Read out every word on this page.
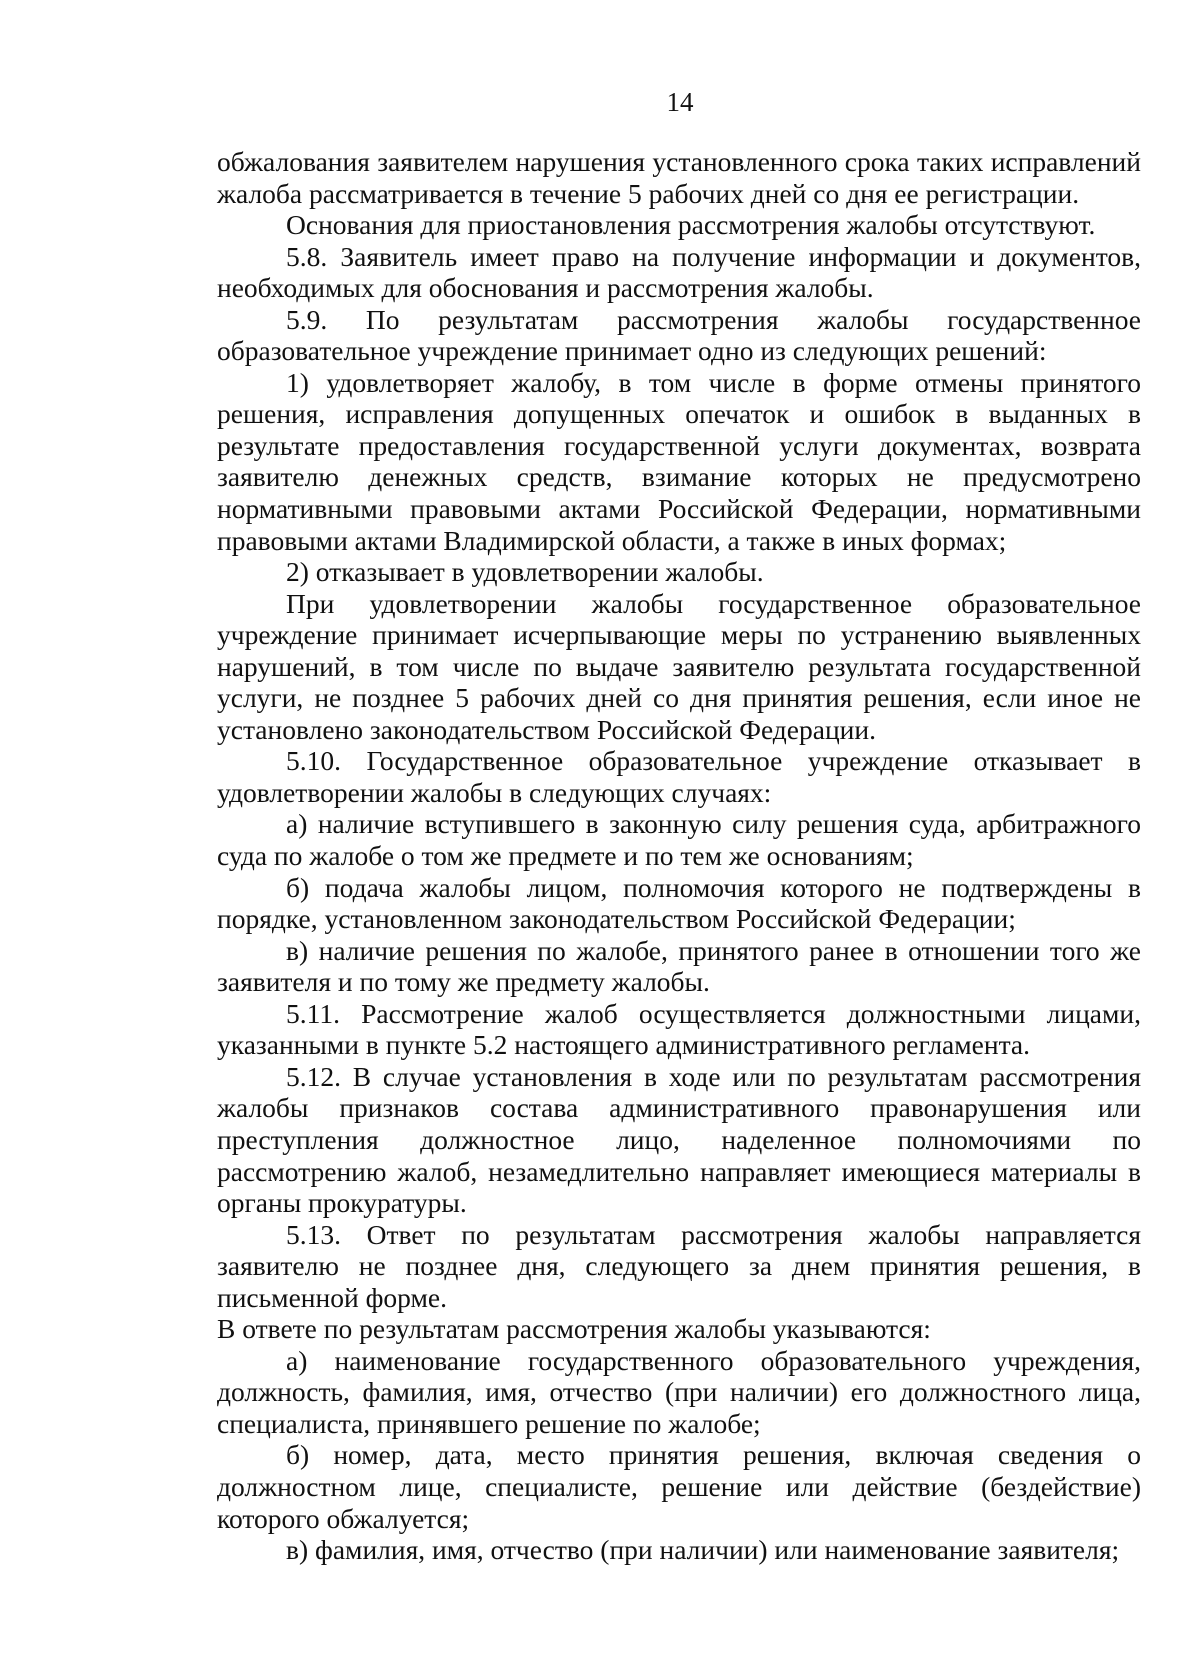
14

обжалования заявителем нарушения установленного срока таких исправлений жалоба рассматривается в течение 5 рабочих дней со дня ее регистрации.

Основания для приостановления рассмотрения жалобы отсутствуют.

5.8. Заявитель имеет право на получение информации и документов, необходимых для обоснования и рассмотрения жалобы.

5.9. По результатам рассмотрения жалобы государственное образовательное учреждение принимает одно из следующих решений:

1) удовлетворяет жалобу, в том числе в форме отмены принятого решения, исправления допущенных опечаток и ошибок в выданных в результате предоставления государственной услуги документах, возврата заявителю денежных средств, взимание которых не предусмотрено нормативными правовыми актами Российской Федерации, нормативными правовыми актами Владимирской области, а также в иных формах;

2) отказывает в удовлетворении жалобы.

При удовлетворении жалобы государственное образовательное учреждение принимает исчерпывающие меры по устранению выявленных нарушений, в том числе по выдаче заявителю результата государственной услуги, не позднее 5 рабочих дней со дня принятия решения, если иное не установлено законодательством Российской Федерации.

5.10. Государственное образовательное учреждение отказывает в удовлетворении жалобы в следующих случаях:

а) наличие вступившего в законную силу решения суда, арбитражного суда по жалобе о том же предмете и по тем же основаниям;

б) подача жалобы лицом, полномочия которого не подтверждены в порядке, установленном законодательством Российской Федерации;

в) наличие решения по жалобе, принятого ранее в отношении того же заявителя и по тому же предмету жалобы.

5.11. Рассмотрение жалоб осуществляется должностными лицами, указанными в пункте 5.2 настоящего административного регламента.

5.12. В случае установления в ходе или по результатам рассмотрения жалобы признаков состава административного правонарушения или преступления должностное лицо, наделенное полномочиями по рассмотрению жалоб, незамедлительно направляет имеющиеся материалы в органы прокуратуры.

5.13. Ответ по результатам рассмотрения жалобы направляется заявителю не позднее дня, следующего за днем принятия решения, в письменной форме.

В ответе по результатам рассмотрения жалобы указываются:

а) наименование государственного образовательного учреждения, должность, фамилия, имя, отчество (при наличии) его должностного лица, специалиста, принявшего решение по жалобе;

б) номер, дата, место принятия решения, включая сведения о должностном лице, специалисте, решение или действие (бездействие) которого обжалуется;

в) фамилия, имя, отчество (при наличии) или наименование заявителя;
